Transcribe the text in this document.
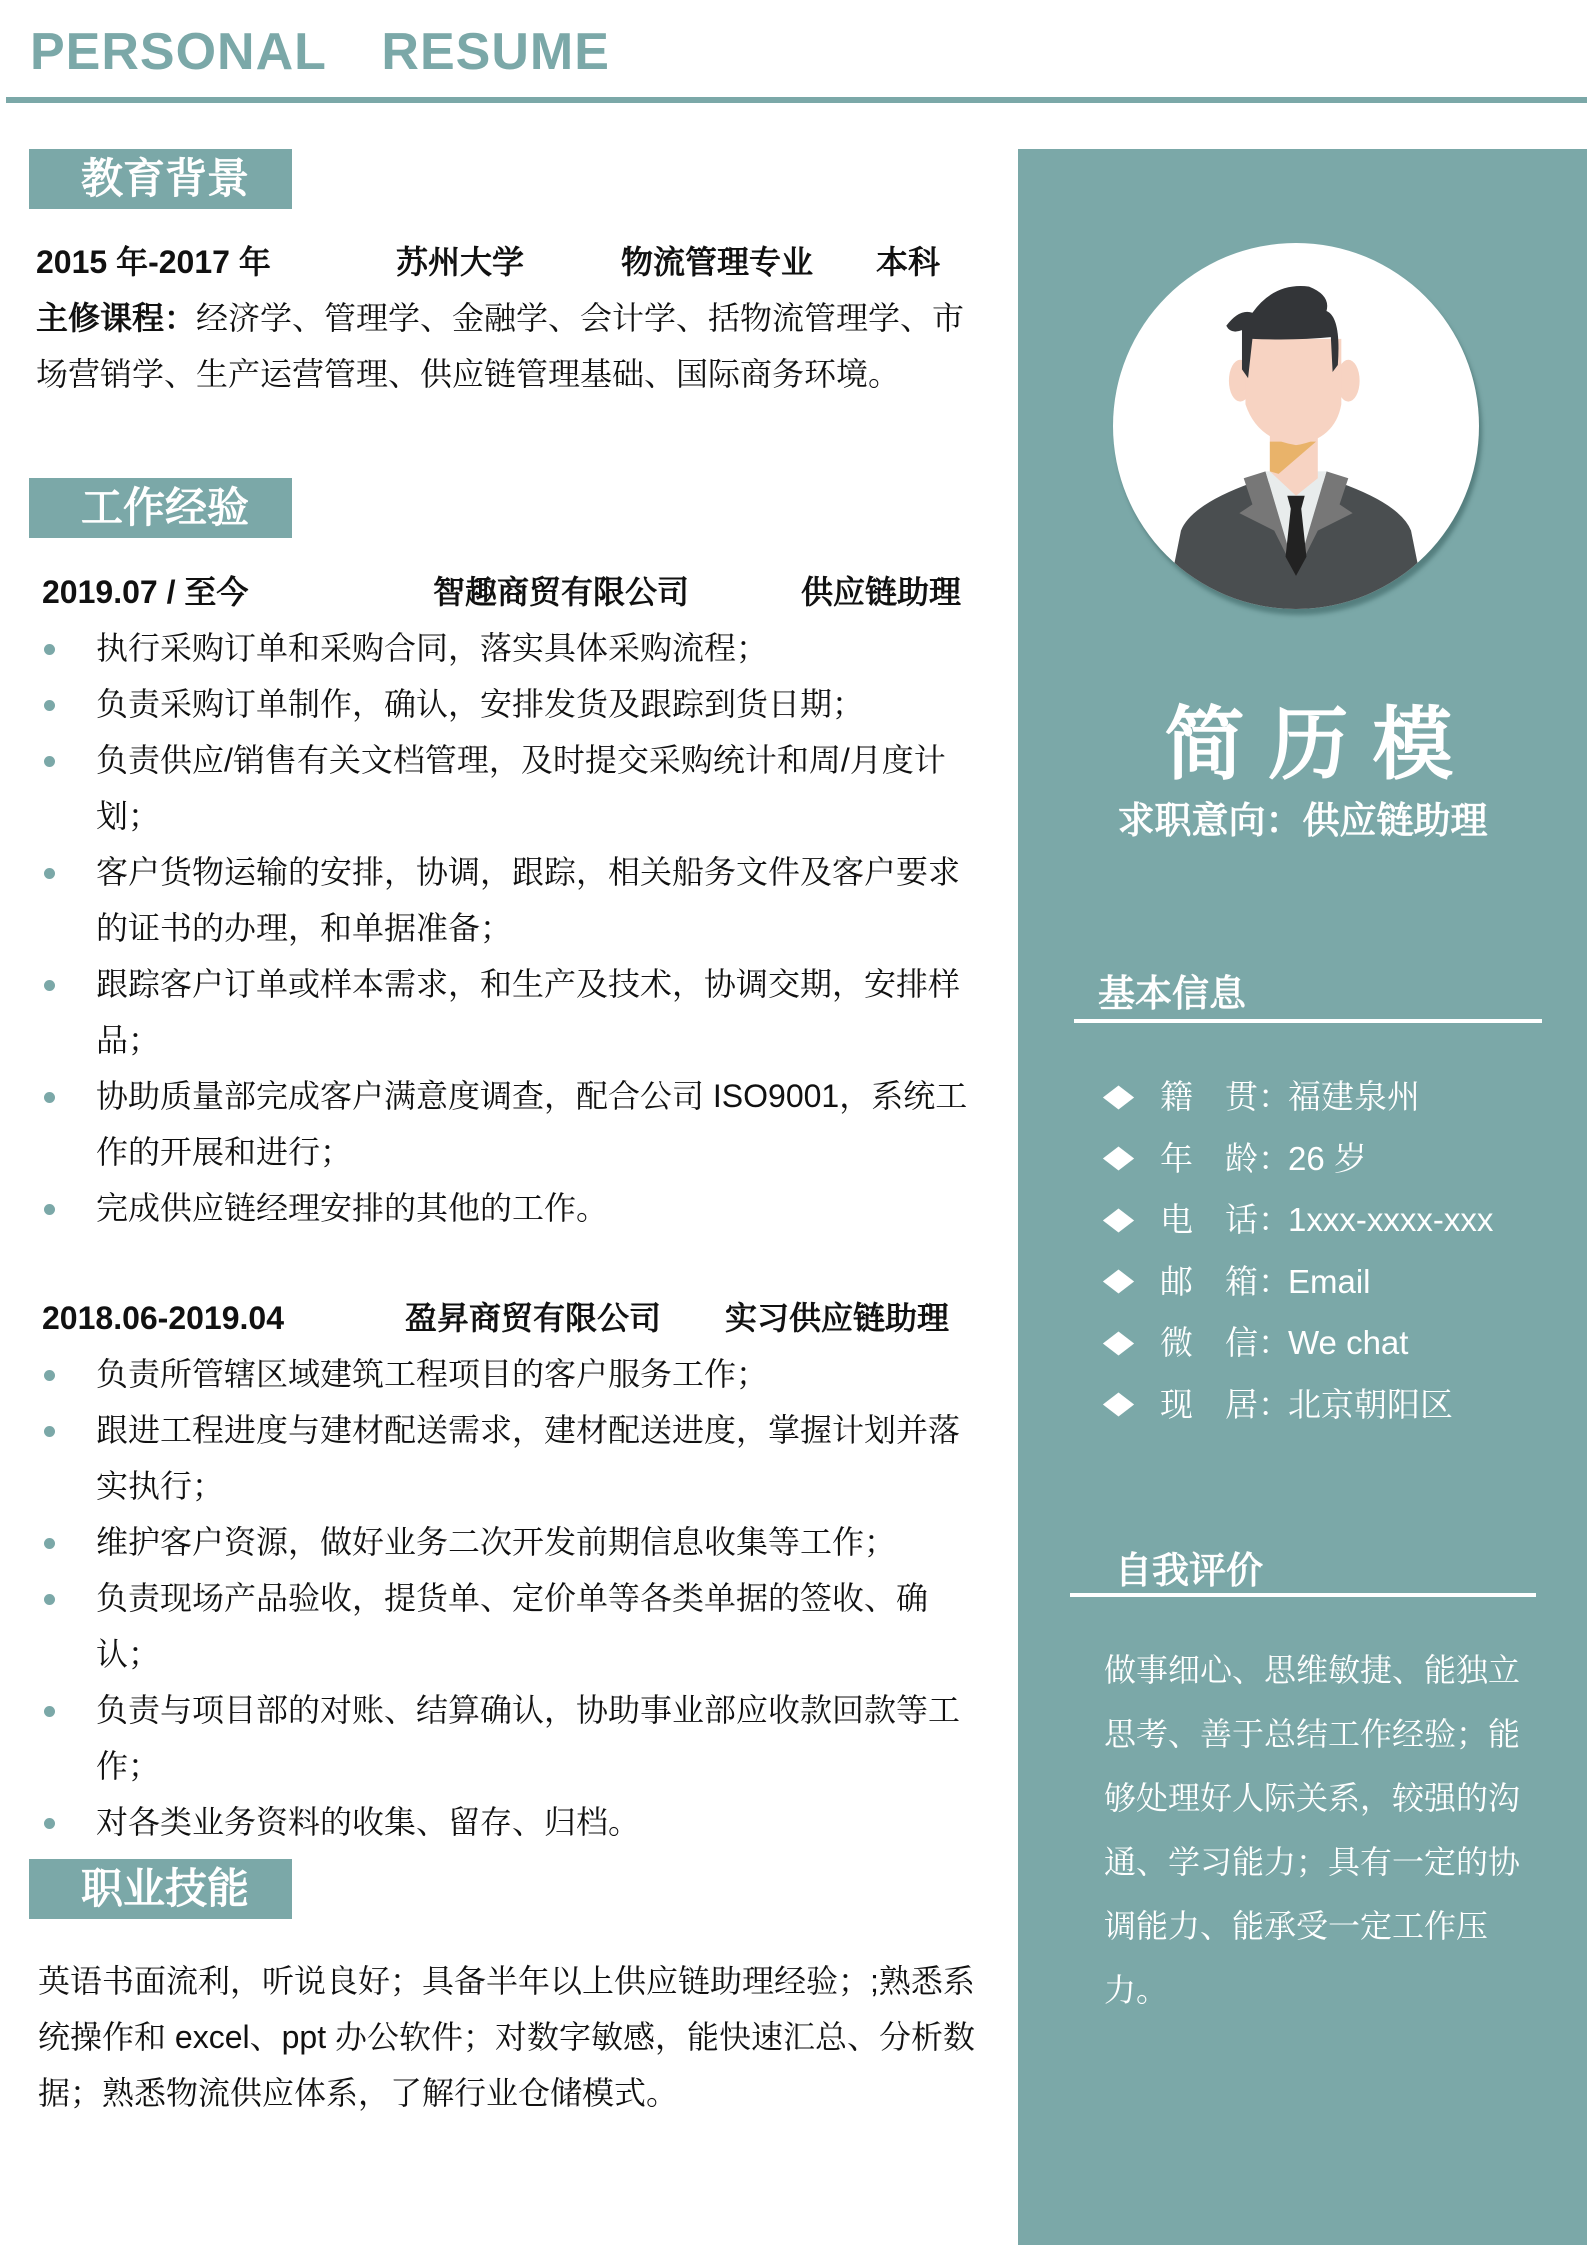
PERSONAL RESUME
教育背景
2015 年-2017 年	苏州大学	物流管理专业 本科
主修课程：经济学、管理学、金融学、会计学、括物流管理学、市场营销学、生产运营管理、供应链管理基础、国际商务环境。
工作经验
2019.07 / 至今	智趣商贸有限公司	供应链助理
执行采购订单和采购合同，落实具体采购流程；
负责采购订单制作，确认，安排发货及跟踪到货日期；
负责供应/销售有关文档管理，及时提交采购统计和周/月度计划；
客户货物运输的安排，协调，跟踪，相关船务文件及客户要求的证书的办理，和单据准备；
跟踪客户订单或样本需求，和生产及技术，协调交期，安排样品；
协助质量部完成客户满意度调查，配合公司 ISO9001，系统工作的开展和进行；
完成供应链经理安排的其他的工作。
2018.06-2019.04	盈昇商贸有限公司 实习供应链助理
负责所管辖区域建筑工程项目的客户服务工作；
跟进工程进度与建材配送需求，建材配送进度，掌握计划并落实执行；
维护客户资源，做好业务二次开发前期信息收集等工作；
负责现场产品验收，提货单、定价单等各类单据的签收、确认；
负责与项目部的对账、结算确认，协助事业部应收款回款等工作；
对各类业务资料的收集、留存、归档。
职业技能
英语书面流利，听说良好；具备半年以上供应链助理经验；;熟悉系统操作和 excel、ppt 办公软件；对数字敏感，能快速汇总、分析数据；熟悉物流供应体系，了解行业仓储模式。
简历模
求职意向：供应链助理
基本信息
籍 贯 ：
福建泉州
年 龄 ：
26 岁
电 话 ：
1xxx-xxxx-xxx
邮 箱 ：
Email
微 信 ：
We chat
现 居 ：
北京朝阳区
自我评价
做事细心、思维敏捷、能独立思考、善于总结工作经验；能够处理好人际关系，较强的沟通、学习能力；具有一定的协调能力、能承受一定工作压力。
